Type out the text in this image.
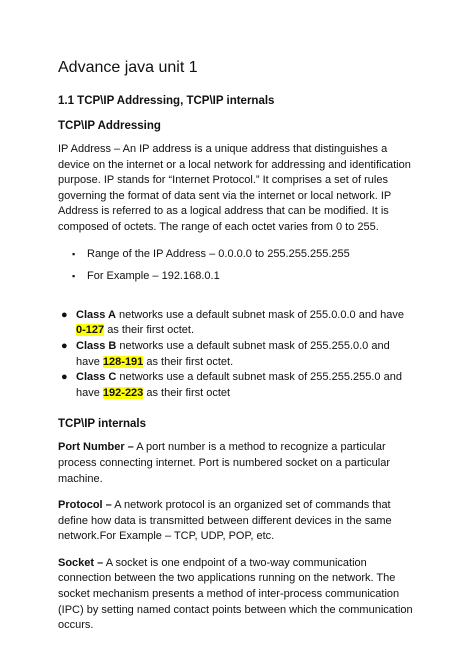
Advance java unit 1
1.1 TCP\IP Addressing, TCP\IP internals
TCP\IP Addressing

IP Address – An IP address is a unique address that distinguishes a device on the internet or a local network for addressing and identification purpose. IP stands for “Internet Protocol.” It comprises a set of rules governing the format of data sent via the internet or local network. IP Address is referred to as a logical address that can be modified. It is composed of octets. The range of each octet varies from 0 to 255.

▪ Range of the IP Address – 0.0.0.0 to 255.255.255.255
▪ For Example – 192.168.0.1
● Class A networks use a default subnet mask of 255.0.0.0 and have 0-127 as their first octet.
● Class B networks use a default subnet mask of 255.255.0.0 and have 128-191 as their first octet.
● Class C networks use a default subnet mask of 255.255.255.0 and have 192-223 as their first octet
TCP\IP internals

Port Number – A port number is a method to recognize a particular process connecting internet. Port is numbered socket on a particular machine.

Protocol – A network protocol is an organized set of commands that define how data is transmitted between different devices in the same network.For Example – TCP, UDP, POP, etc.

Socket – A socket is one endpoint of a two-way communication connection between the two applications running on the network. The socket mechanism presents a method of inter-process communication (IPC) by setting named contact points between which the communication occurs.
